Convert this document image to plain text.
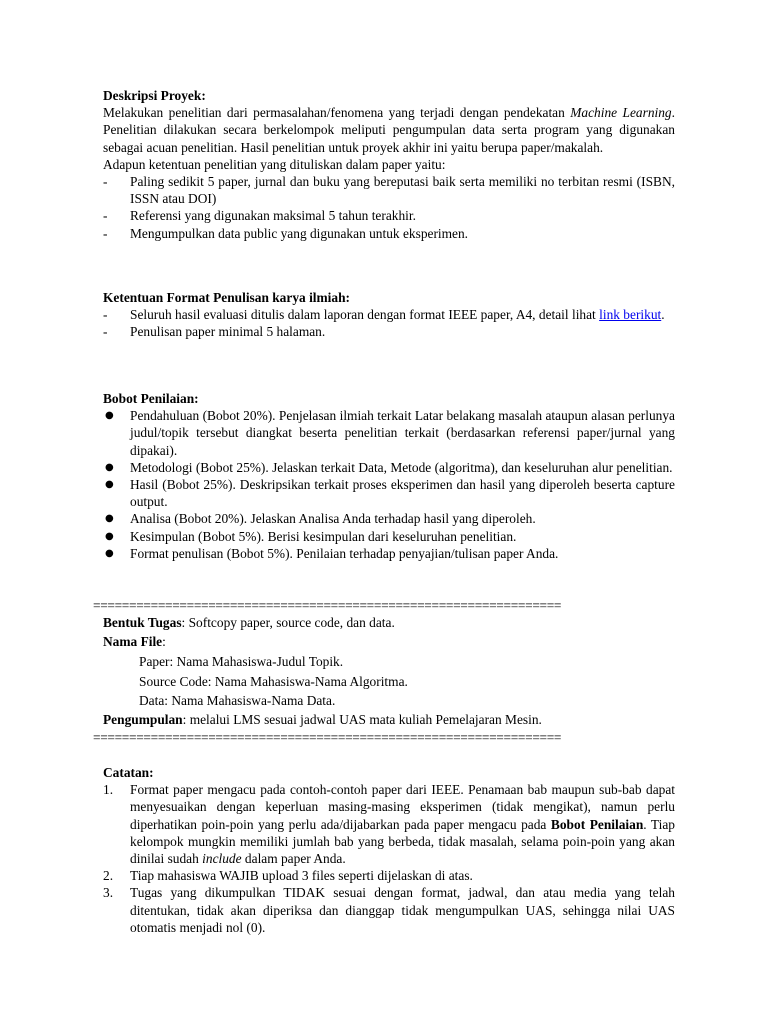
Deskripsi Proyek:
Melakukan penelitian dari permasalahan/fenomena yang terjadi dengan pendekatan Machine Learning. Penelitian dilakukan secara berkelompok meliputi pengumpulan data serta program yang digunakan sebagai acuan penelitian. Hasil penelitian untuk proyek akhir ini yaitu berupa paper/makalah.
Adapun ketentuan penelitian yang dituliskan dalam paper yaitu:
- Paling sedikit 5 paper, jurnal dan buku yang bereputasi baik serta memiliki no terbitan resmi (ISBN, ISSN atau DOI)
- Referensi yang digunakan maksimal 5 tahun terakhir.
- Mengumpulkan data public yang digunakan untuk eksperimen.
Ketentuan Format Penulisan karya ilmiah:
- Seluruh hasil evaluasi ditulis dalam laporan dengan format IEEE paper, A4, detail lihat link berikut.
- Penulisan paper minimal 5 halaman.
Bobot Penilaian:
● Pendahuluan (Bobot 20%). Penjelasan ilmiah terkait Latar belakang masalah ataupun alasan perlunya judul/topik tersebut diangkat beserta penelitian terkait (berdasarkan referensi paper/jurnal yang dipakai).
● Metodologi (Bobot 25%). Jelaskan terkait Data, Metode (algoritma), dan keseluruhan alur penelitian.
● Hasil (Bobot 25%). Deskripsikan terkait proses eksperimen dan hasil yang diperoleh beserta capture output.
● Analisa (Bobot 20%). Jelaskan Analisa Anda terhadap hasil yang diperoleh.
● Kesimpulan (Bobot 5%). Berisi kesimpulan dari keseluruhan penelitian.
● Format penulisan (Bobot 5%). Penilaian terhadap penyajian/tulisan paper Anda.
=================================================================
Bentuk Tugas: Softcopy paper, source code, dan data.
Nama File:
Paper: Nama Mahasiswa-Judul Topik.
Source Code: Nama Mahasiswa-Nama Algoritma.
Data: Nama Mahasiswa-Nama Data.
Pengumpulan: melalui LMS sesuai jadwal UAS mata kuliah Pemelajaran Mesin.
=================================================================
Catatan:
1. Format paper mengacu pada contoh-contoh paper dari IEEE. Penamaan bab maupun sub-bab dapat menyesuaikan dengan keperluan masing-masing eksperimen (tidak mengikat), namun perlu diperhatikan poin-poin yang perlu ada/dijabarkan pada paper mengacu pada Bobot Penilaian. Tiap kelompok mungkin memiliki jumlah bab yang berbeda, tidak masalah, selama poin-poin yang akan dinilai sudah include dalam paper Anda.
2. Tiap mahasiswa WAJIB upload 3 files seperti dijelaskan di atas.
3. Tugas yang dikumpulkan TIDAK sesuai dengan format, jadwal, dan atau media yang telah ditentukan, tidak akan diperiksa dan dianggap tidak mengumpulkan UAS, sehingga nilai UAS otomatis menjadi nol (0).
